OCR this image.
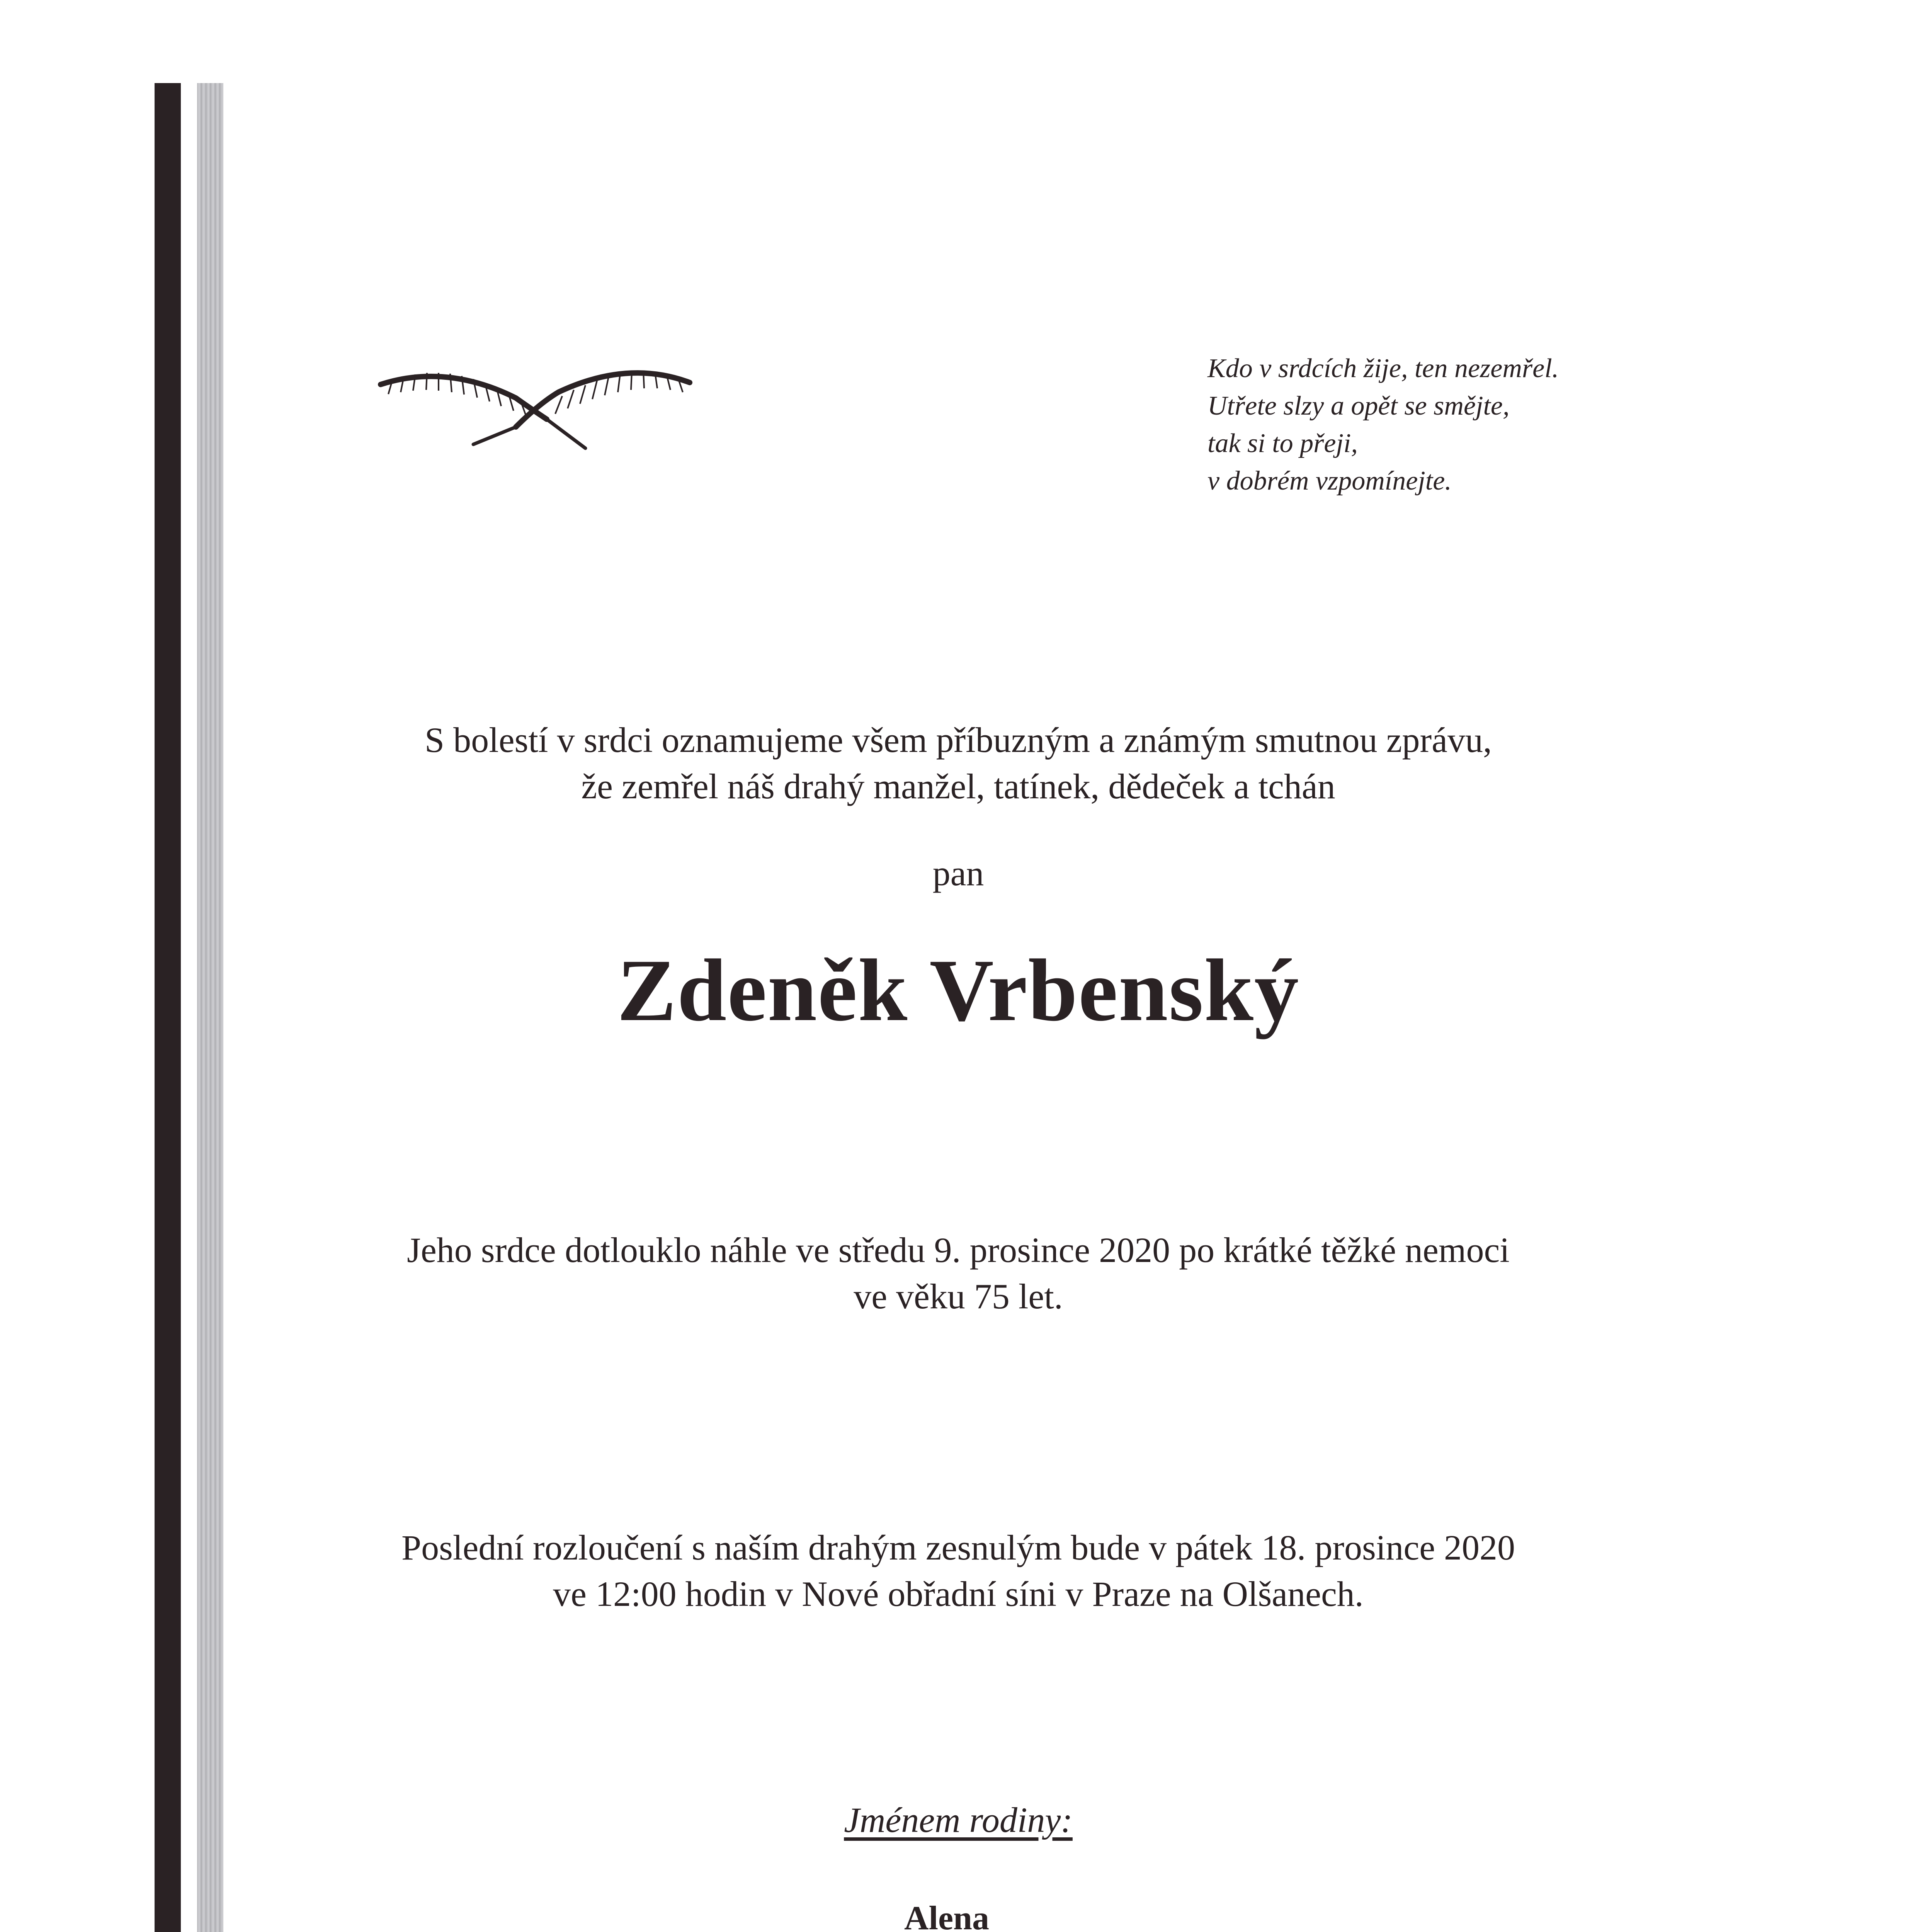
Kdo v srdcích žije, ten nezemřel.
Utřete slzy a opět se smějte,
tak si to přeji,
v dobrém vzpomínejte.
S bolestí v srdci oznamujeme všem příbuzným a známým smutnou zprávu,
že zemřel náš drahý manžel, tatínek, dědeček a tchán
pan
Zdeněk Vrbenský
Jeho srdce dotlouklo náhle ve středu 9. prosince 2020 po krátké těžké nemoci
ve věku 75 let.
Poslední rozloučení s naším drahým zesnulým bude v pátek 18. prosince 2020
ve 12:00 hodin v Nové obřadní síni v Praze na Olšanech.
Jménem rodiny:
Alena
